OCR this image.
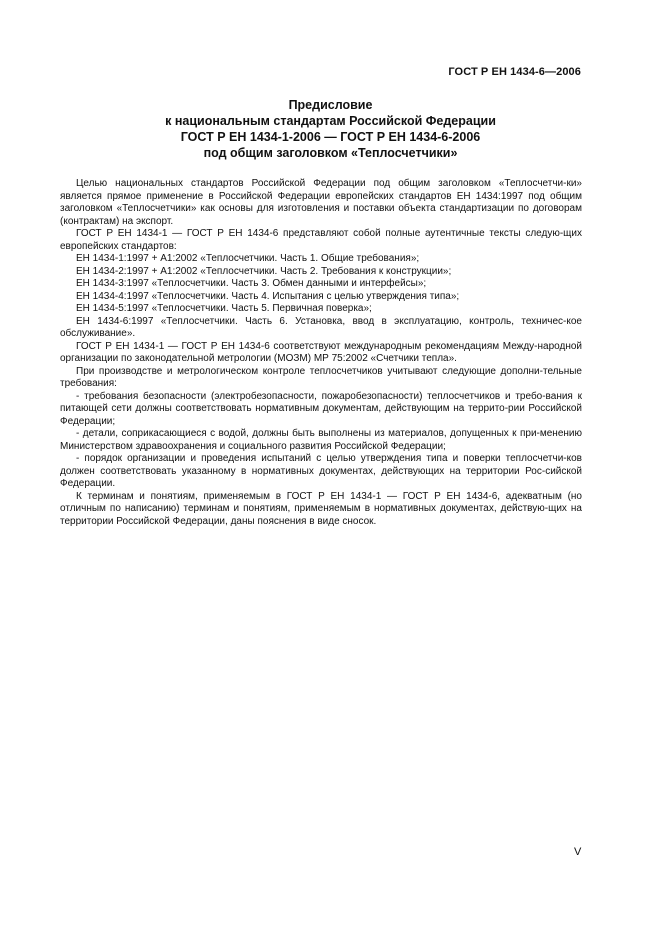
ГОСТ Р ЕН 1434-6—2006
Предисловие
к национальным стандартам Российской Федерации
ГОСТ Р ЕН 1434-1-2006 — ГОСТ Р ЕН 1434-6-2006
под общим заголовком «Теплосчетчики»

Целью национальных стандартов Российской Федерации под общим заголовком «Теплосчетчи-ки» является прямое применение в Российской Федерации европейских стандартов ЕН 1434:1997 под общим заголовком «Теплосчетчики» как основы для изготовления и поставки объекта стандартизации по договорам (контрактам) на экспорт.

ГОСТ Р ЕН 1434-1 — ГОСТ Р ЕН 1434-6 представляют собой полные аутентичные тексты следую-щих европейских стандартов:

ЕН 1434-1:1997 + А1:2002 «Теплосчетчики. Часть 1. Общие требования»;

ЕН 1434-2:1997 + А1:2002 «Теплосчетчики. Часть 2. Требования к конструкции»;

ЕН 1434-3:1997 «Теплосчетчики. Часть 3. Обмен данными и интерфейсы»;

ЕН 1434-4:1997 «Теплосчетчики. Часть 4. Испытания с целью утверждения типа»;

ЕН 1434-5:1997 «Теплосчетчики. Часть 5. Первичная поверка»;

ЕН 1434-6:1997 «Теплосчетчики. Часть 6. Установка, ввод в эксплуатацию, контроль, техничес-кое обслуживание».

ГОСТ Р ЕН 1434-1 — ГОСТ Р ЕН 1434-6 соответствуют международным рекомендациям Между-народной организации по законодательной метрологии (МОЗМ) МР 75:2002 «Счетчики тепла».

При производстве и метрологическом контроле теплосчетчиков учитывают следующие дополни-тельные требования:

- требования безопасности (электробезопасности, пожаробезопасности) теплосчетчиков и требо-вания к питающей сети должны соответствовать нормативным документам, действующим на террито-рии Российской Федерации;

- детали, соприкасающиеся с водой, должны быть выполнены из материалов, допущенных к при-менению Министерством здравоохранения и социального развития Российской Федерации;

- порядок организации и проведения испытаний с целью утверждения типа и поверки теплосчетчи-ков должен соответствовать указанному в нормативных документах, действующих на территории Рос-сийской Федерации.

К терминам и понятиям, применяемым в ГОСТ Р ЕН 1434-1 — ГОСТ Р ЕН 1434-6, адекватным (но отличным по написанию) терминам и понятиям, применяемым в нормативных документах, действую-щих на территории Российской Федерации, даны пояснения в виде сносок.

V
